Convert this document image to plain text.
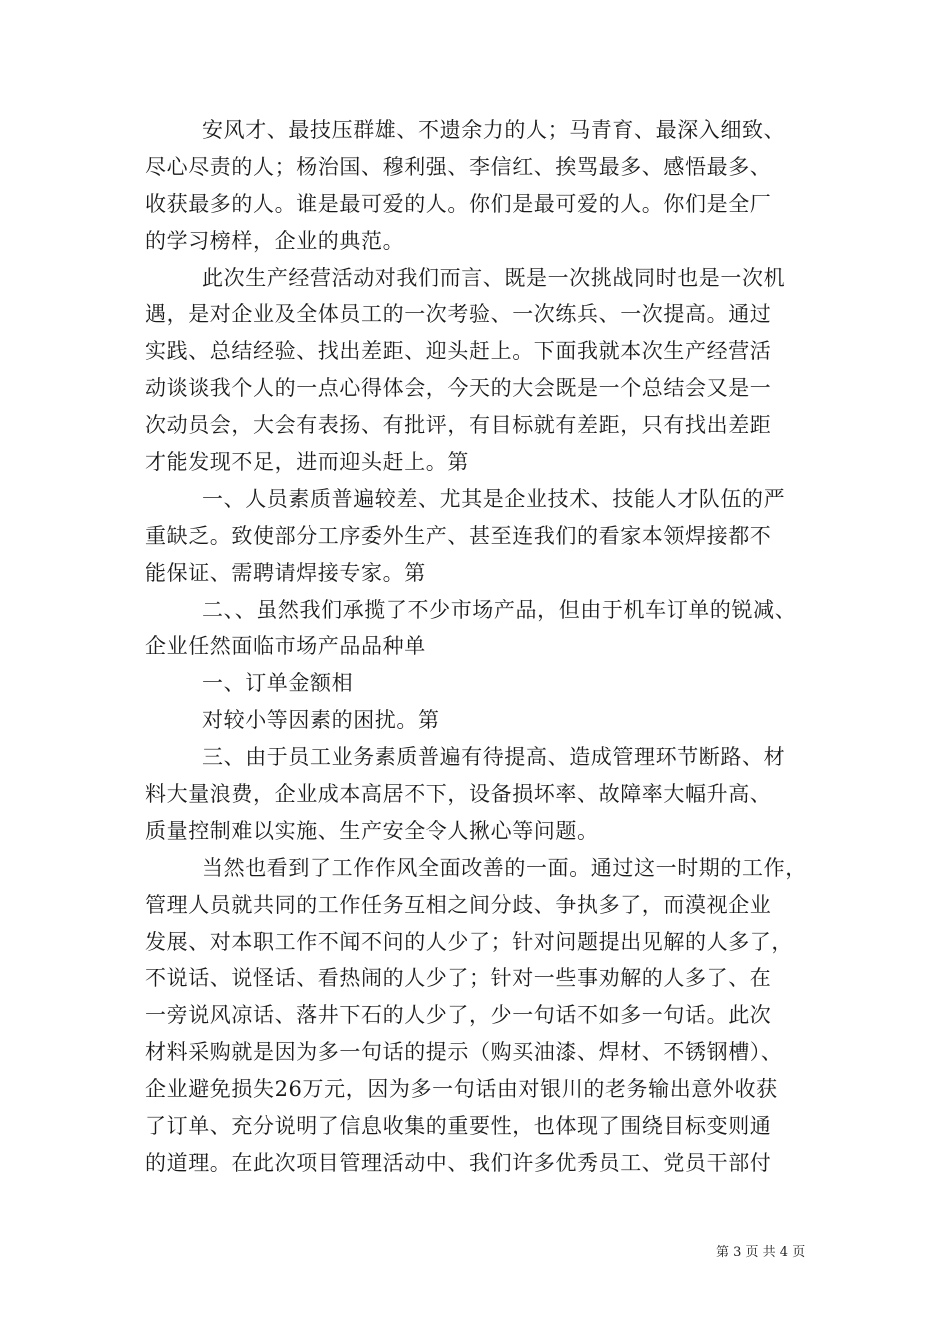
安风才、最技压群雄、不遗余力的人；马青育、最深入细致、
尽心尽责的人；杨治国、穆利强、李信红、挨骂最多、感悟最多、
收获最多的人。谁是最可爱的人。你们是最可爱的人。你们是全厂
的学习榜样，企业的典范。
此次生产经营活动对我们而言、既是一次挑战同时也是一次机
遇，是对企业及全体员工的一次考验、一次练兵、一次提高。通过
实践、总结经验、找出差距、迎头赶上。下面我就本次生产经营活
动谈谈我个人的一点心得体会，今天的大会既是一个总结会又是一
次动员会，大会有表扬、有批评，有目标就有差距，只有找出差距
才能发现不足，进而迎头赶上。第
一、人员素质普遍较差、尤其是企业技术、技能人才队伍的严
重缺乏。致使部分工序委外生产、甚至连我们的看家本领焊接都不
能保证、需聘请焊接专家。第
二、、虽然我们承揽了不少市场产品，但由于机车订单的锐减、
企业任然面临市场产品品种单
一、订单金额相
对较小等因素的困扰。第
三、由于员工业务素质普遍有待提高、造成管理环节断路、材
料大量浪费，企业成本高居不下，设备损坏率、故障率大幅升高、
质量控制难以实施、生产安全令人揪心等问题。
当然也看到了工作作风全面改善的一面。通过这一时期的工作，
管理人员就共同的工作任务互相之间分歧、争执多了，而漠视企业
发展、对本职工作不闻不问的人少了；针对问题提出见解的人多了，
不说话、说怪话、看热闹的人少了；针对一些事劝解的人多了、在
一旁说风凉话、落井下石的人少了，少一句话不如多一句话。此次
材料采购就是因为多一句话的提示（购买油漆、焊材、不锈钢槽）、
企业避免损失26万元，因为多一句话由对银川的老务输出意外收获
了订单、充分说明了信息收集的重要性，也体现了围绕目标变则通
的道理。在此次项目管理活动中、我们许多优秀员工、党员干部付
第 3 页 共 4 页
